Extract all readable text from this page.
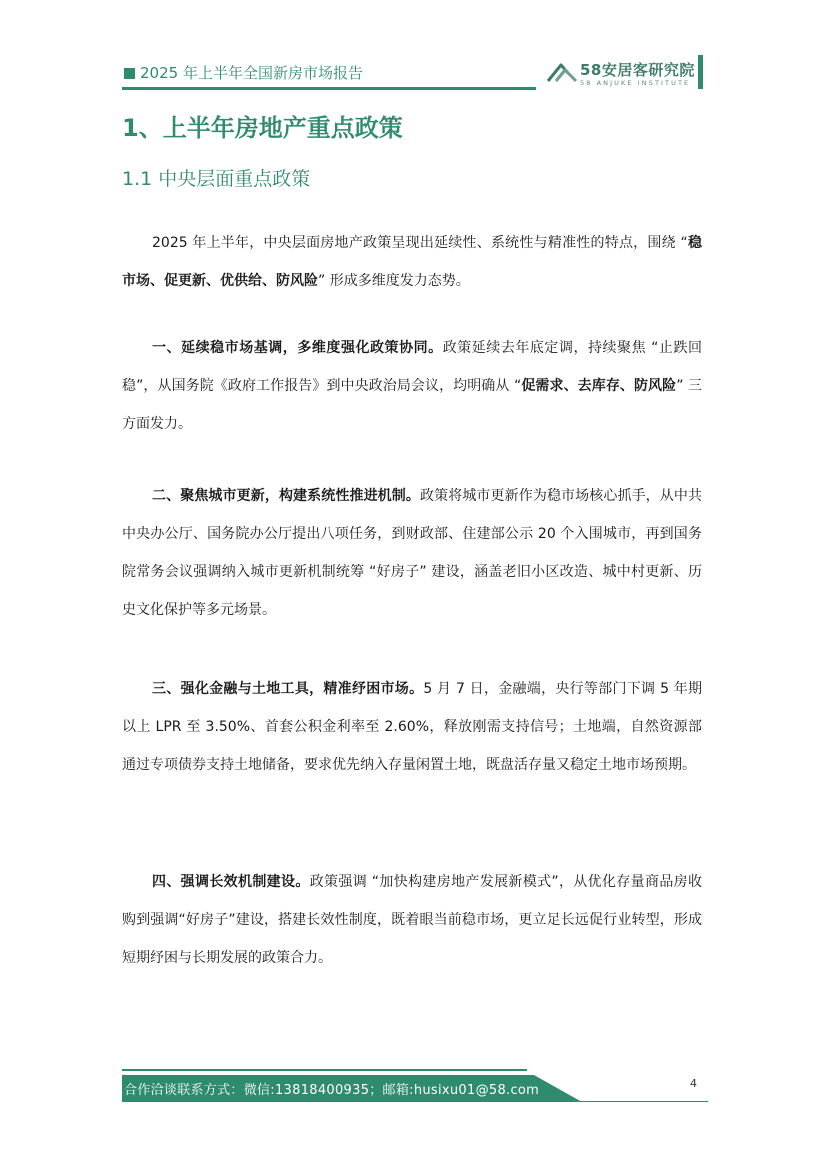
2025 年上半年全国新房市场报告	58安居客研究院
58 ANJUKE INSTITUTE
1、上半年房地产重点政策
1.1 中央层面重点政策
2025 年上半年，中央层面房地产政策呈现出延续性、系统性与精准性的特点，围绕 “稳市场、促更新、优供给、防风险” 形成多维度发力态势。
一、延续稳市场基调，多维度强化政策协同。政策延续去年底定调，持续聚焦 “止跌回稳”，从国务院《政府工作报告》到中央政治局会议，均明确从 “促需求、去库存、防风险” 三方面发力。
二、聚焦城市更新，构建系统性推进机制。政策将城市更新作为稳市场核心抓手，从中共中央办公厅、国务院办公厅提出八项任务，到财政部、住建部公示 20 个入围城市，再到国务院常务会议强调纳入城市更新机制统筹 “好房子” 建设，涵盖老旧小区改造、城中村更新、历史文化保护等多元场景。
三、强化金融与土地工具，精准纾困市场。5 月 7 日，金融端，央行等部门下调 5 年期以上 LPR 至 3.50%、首套公积金利率至 2.60%，释放刚需支持信号；土地端，自然资源部通过专项债券支持土地储备，要求优先纳入存量闲置土地，既盘活存量又稳定土地市场预期。
四、强调长效机制建设。政策强调 “加快构建房地产发展新模式”，从优化存量商品房收购到强调“好房子”建设，搭建长效性制度，既着眼当前稳市场，更立足长远促行业转型，形成短期纾困与长期发展的政策合力。
合作洽谈联系方式：微信:13818400935；邮箱:husixu01@58.com	4
